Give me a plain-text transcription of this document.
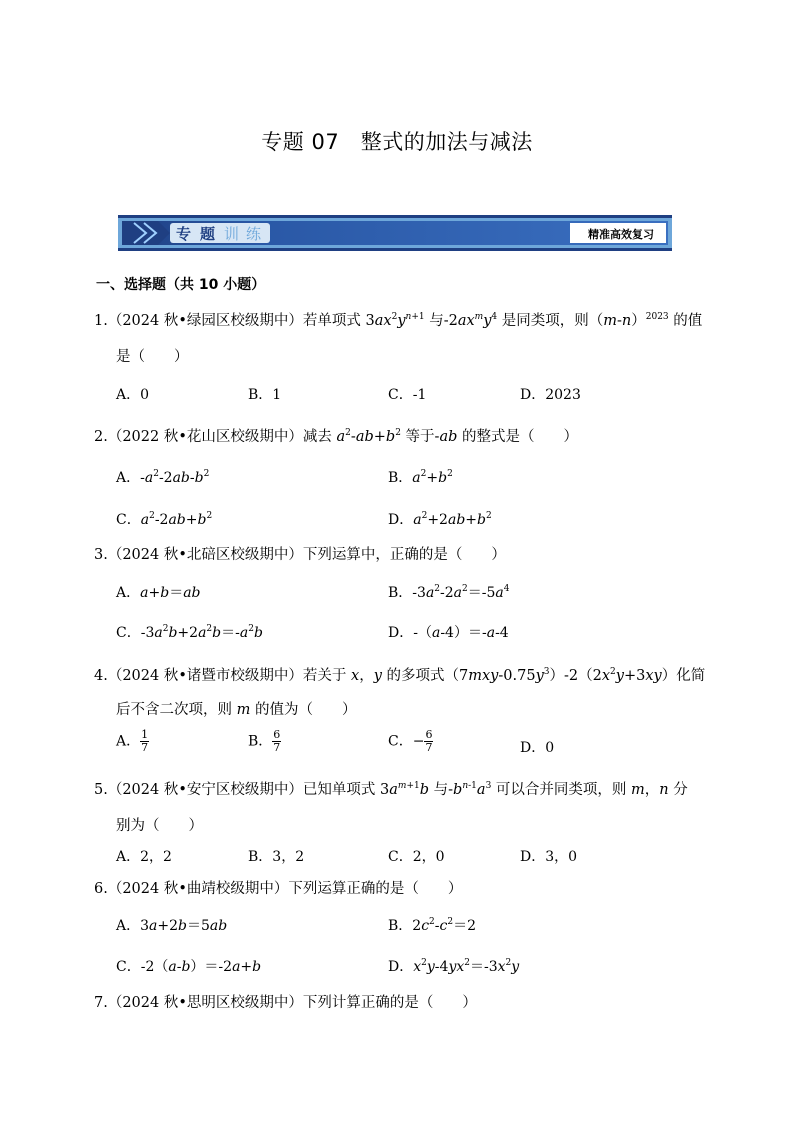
专题 07　整式的加法与减法
专 题 训 练	精准高效复习
一、选择题（共 10 小题）
1.（2024 秋•绿园区校级期中）若单项式 $3ax^2y^{n+1}$ 与$-2ax^my^4$ 是同类项，则$(m-n)^{2023}$ 的值
是（　　）
A．0	B．1	C．-1	D．2023
2.（2022 秋•花山区校级期中）减去 $a^2-ab+b^2$ 等于-ab 的整式是（　　）
A．$-a^2-2ab-b^2$	B．$a^2+b^2$
C．$a^2-2ab+b^2$	D．$a^2+2ab+b^2$
3.（2024 秋•北碚区校级期中）下列运算中，正确的是（　　）
A．a+b＝ab	B．$-3a^2-2a^2=-5a^4$
C．$-3a^2b+2a^2b=-a^2b$	D．-（a-4）＝-a-4
4.（2024 秋•诸暨市校级期中）若关于 x，y 的多项式$(7mxy-0.75y^3)-2(2x^2y+3xy)$化简
后不含二次项，则 m 的值为（　　）
A． $\frac{1}{7}$	B． $\frac{6}{7}$	C．− $\frac{6}{7}$	D．0
5.（2024 秋•安宁区校级期中）已知单项式 $3a^{m+1}b$ 与$-b^{n-1}a^3$ 可以合并同类项，则 m，n 分
别为（　　）
A．2，2	B．3，2	C．2，0	D．3，0
6.（2024 秋•曲靖校级期中）下列运算正确的是（　　）
A．3a+2b＝5ab	B．$2c^2-c^2=2$
C．-2（a-b）＝-2a+b	D．$x^2y-4yx^2=-3x^2y$
7.（2024 秋•思明区校级期中）下列计算正确的是（　　）
